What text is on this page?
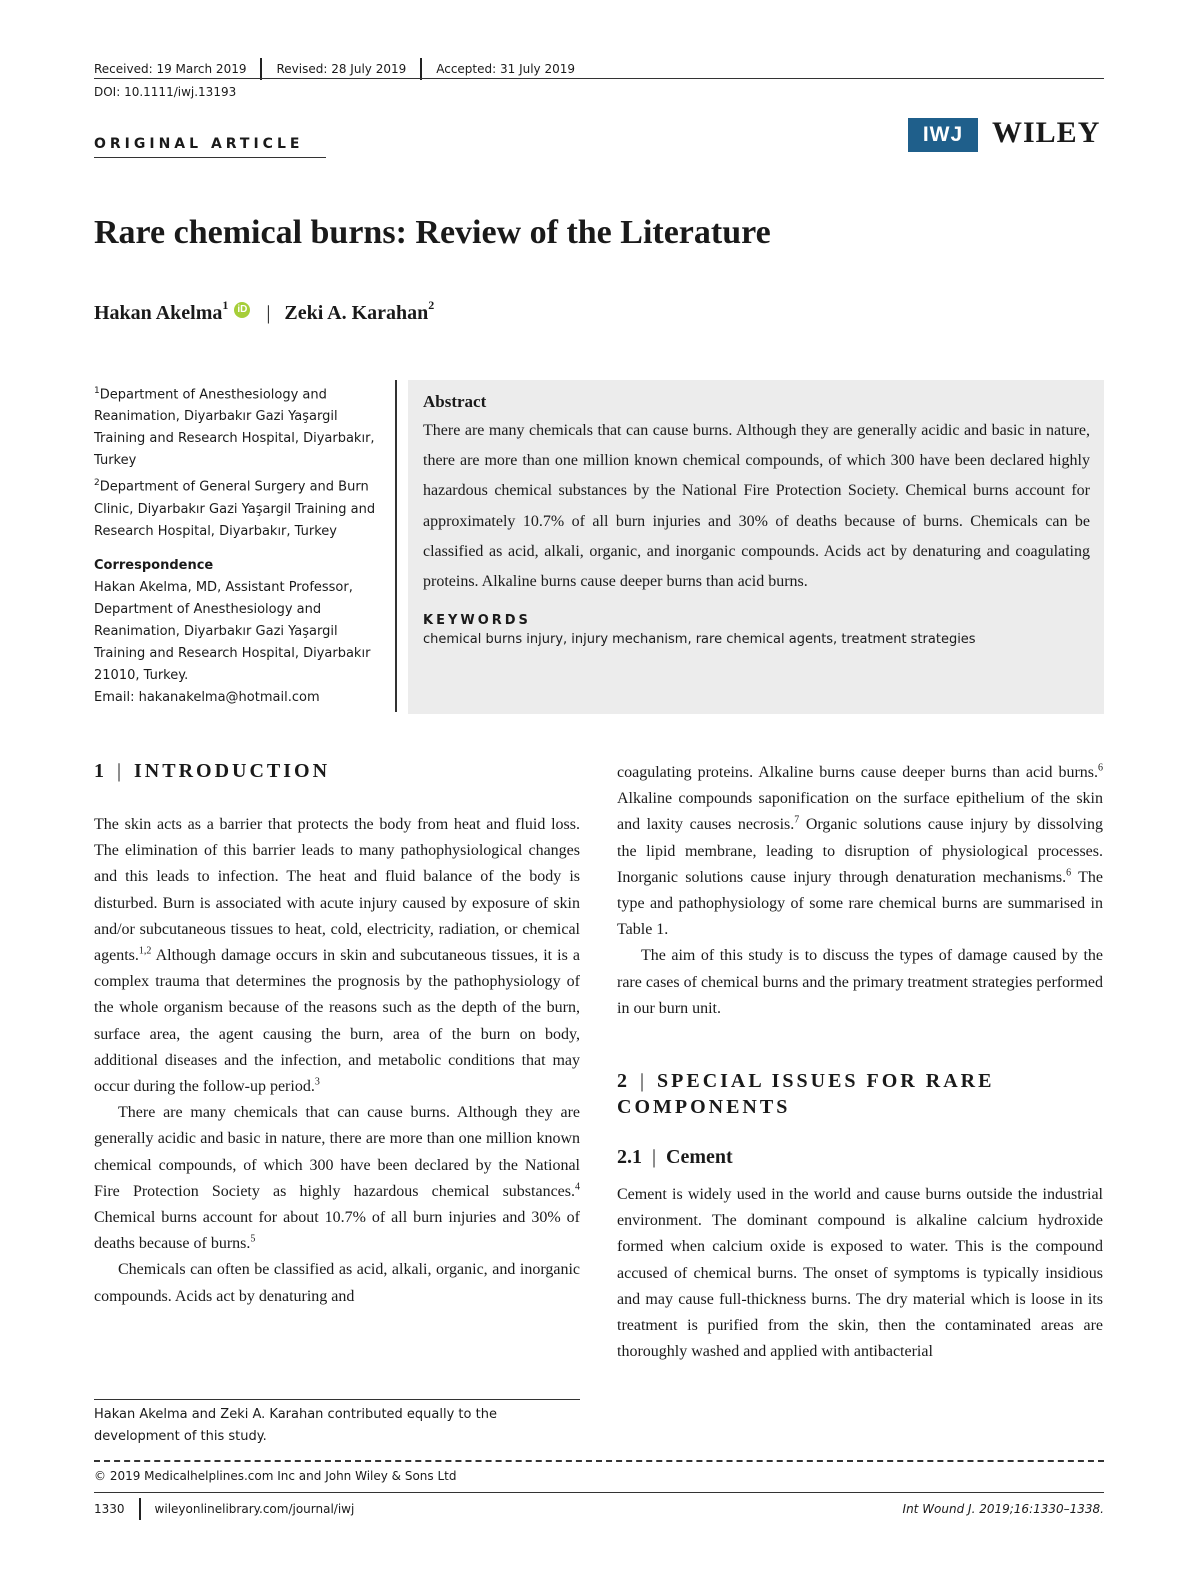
Received: 19 March 2019	Revised: 28 July 2019	Accepted: 31 July 2019
DOI: 10.1111/iwj.13193
ORIGINAL ARTICLE	IWJ WILEY
Rare chemical burns: Review of the Literature
Hakan Akelma$^1$ iD | Zeki A. Karahan$^2$

$^1$Department of Anesthesiology and Reanimation, Diyarbakır Gazi Yaşargil Training and Research Hospital, Diyarbakır, Turkey

$^2$Department of General Surgery and Burn Clinic, Diyarbakır Gazi Yaşargil Training and Research Hospital, Diyarbakır, Turkey

Correspondence

Hakan Akelma, MD, Assistant Professor, Department of Anesthesiology and Reanimation, Diyarbakır Gazi Yaşargil Training and Research Hospital, Diyarbakır 21010, Turkey.

Email: hakanakelma@hotmail.com

Abstract

There are many chemicals that can cause burns. Although they are generally acidic and basic in nature, there are more than one million known chemical compounds, of which 300 have been declared highly hazardous chemical substances by the National Fire Protection Society. Chemical burns account for approximately 10.7% of all burn injuries and 30% of deaths because of burns. Chemicals can be classified as acid, alkali, organic, and inorganic compounds. Acids act by denaturing and coagulating proteins. Alkaline burns cause deeper burns than acid burns.

KEYWORDS

chemical burns injury, injury mechanism, rare chemical agents, treatment strategies

1 | INTRODUCTION

The skin acts as a barrier that protects the body from heat and fluid loss. The elimination of this barrier leads to many pathophysiological changes and this leads to infection. The heat and fluid balance of the body is disturbed. Burn is associated with acute injury caused by exposure of skin and/or subcutaneous tissues to heat, cold, electricity, radiation, or chemical agents.$^{1,2}$ Although damage occurs in skin and subcutaneous tissues, it is a complex trauma that determines the prognosis by the pathophysiology of the whole organism because of the reasons such as the depth of the burn, surface area, the agent causing the burn, area of the burn on body, additional diseases and the infection, and metabolic conditions that may occur during the follow-up period.$^3$

There are many chemicals that can cause burns. Although they are generally acidic and basic in nature, there are more than one million known chemical compounds, of which 300 have been declared by the National Fire Protection Society as highly hazardous chemical substances.$^4$ Chemical burns account for about 10.7% of all burn injuries and 30% of deaths because of burns.$^5$

Chemicals can often be classified as acid, alkali, organic, and inorganic compounds. Acids act by denaturing and

coagulating proteins. Alkaline burns cause deeper burns than acid burns.$^6$ Alkaline compounds saponification on the surface epithelium of the skin and laxity causes necrosis.$^7$ Organic solutions cause injury by dissolving the lipid membrane, leading to disruption of physiological processes. Inorganic solutions cause injury through denaturation mechanisms.$^6$ The type and pathophysiology of some rare chemical burns are summarised in Table 1.

The aim of this study is to discuss the types of damage caused by the rare cases of chemical burns and the primary treatment strategies performed in our burn unit.

2 | SPECIAL ISSUES FOR RARE COMPONENTS
2.1 | Cement

Cement is widely used in the world and cause burns outside the industrial environment. The dominant compound is alkaline calcium hydroxide formed when calcium oxide is exposed to water. This is the compound accused of chemical burns. The onset of symptoms is typically insidious and may cause full-thickness burns. The dry material which is loose in its treatment is purified from the skin, then the contaminated areas are thoroughly washed and applied with antibacterial

Hakan Akelma and Zeki A. Karahan contributed equally to the development of this study.
© 2019 Medicalhelplines.com Inc and John Wiley & Sons Ltd
1330	wileyonlinelibrary.com/journal/iwj	Int Wound J. 2019;16:1330–1338.
